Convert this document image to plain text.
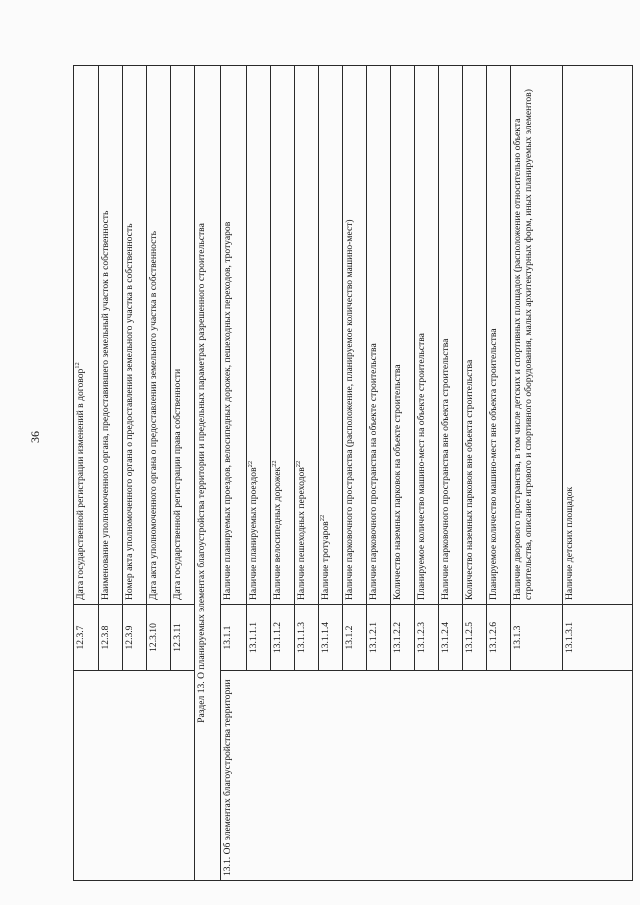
36
	12.3.7	Дата государственной регистрации изменений в договор$^{12}$
	12.3.8	Наименование уполномоченного органа, предоставившего земельный участок в собственность
	12.3.9	Номер акта уполномоченного органа о предоставлении земельного участка в собственность
	12.3.10	Дата акта уполномоченного органа о предоставлении земельного участка в собственность
	12.3.11	Дата государственной регистрации права собственности
Раздел 13. О планируемых элементах благоустройства территории и предельных параметрах разрешенного строительства		
13.1. Об элементах благоустройства территории	13.1.1	Наличие планируемых проездов, велосипедных дорожек, пешеходных переходов, тротуаров
	13.1.1.1	Наличие планируемых проездов$^{22}$
	13.1.1.2	Наличие велосипедных дорожек$^{22}$
	13.1.1.3	Наличие пешеходных переходов$^{22}$
	13.1.1.4	Наличие тротуаров$^{22}$
	13.1.2	Наличие парковочного пространства (расположение, планируемое количество машино-мест)
	13.1.2.1	Наличие парковочного пространства на объекте строительства
	13.1.2.2	Количество наземных парковок на объекте строительства
	13.1.2.3	Планируемое количество машино-мест на объекте строительства
	13.1.2.4	Наличие парковочного пространства вне объекта строительства
	13.1.2.5	Количество наземных парковок вне объекта строительства
	13.1.2.6	Планируемое количество машино-мест вне объекта строительства
	13.1.3	Наличие дворового пространства, в том числе детских и спортивных площадок (расположение относительно объекта строительства, описание игрового и спортивного оборудования, малых архитектурных форм, иных планируемых элементов)
	13.1.3.1	Наличие детских площадок
